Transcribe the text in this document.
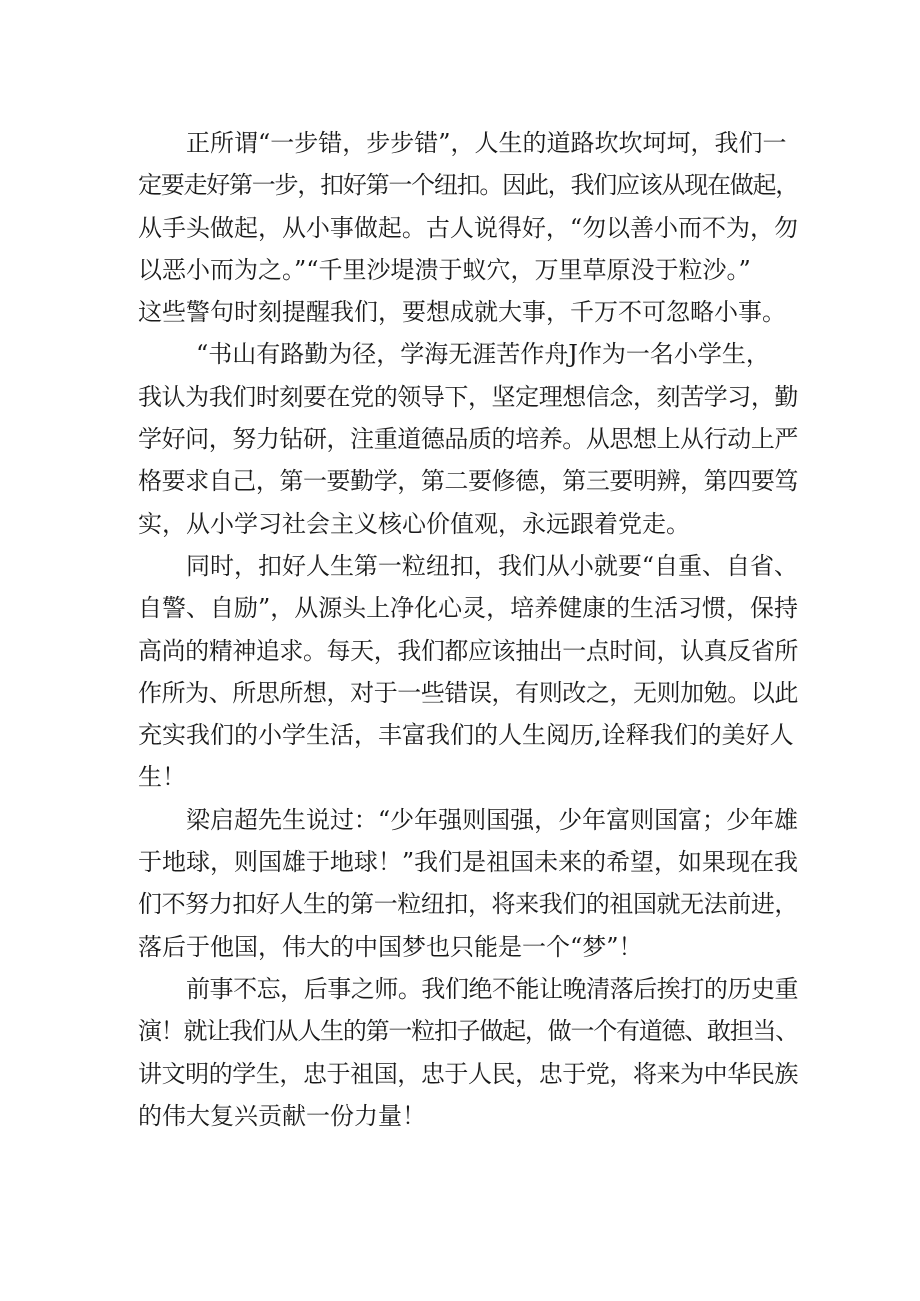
正所谓“一步错，步步错”，人生的道路坎坎坷坷，我们一
定要走好第一步，扣好第一个纽扣。因此，我们应该从现在做起，
从手头做起，从小事做起。古人说得好，“勿以善小而不为，勿
以恶小而为之。”“千里沙堤溃于蚁穴，万里草原没于粒沙。”
这些警句时刻提醒我们，要想成就大事，千万不可忽略小事。
“书山有路勤为径，学海无涯苦作舟J作为一名小学生，
我认为我们时刻要在党的领导下，坚定理想信念，刻苦学习，勤
学好问，努力钻研，注重道德品质的培养。从思想上从行动上严
格要求自己，第一要勤学，第二要修德，第三要明辨，第四要笃
实，从小学习社会主义核心价值观，永远跟着党走。
同时，扣好人生第一粒纽扣，我们从小就要“自重、自省、
自警、自励”，从源头上净化心灵，培养健康的生活习惯，保持
高尚的精神追求。每天，我们都应该抽出一点时间，认真反省所
作所为、所思所想，对于一些错误，有则改之，无则加勉。以此
充实我们的小学生活，丰富我们的人生阅历,诠释我们的美好人
生！
梁启超先生说过：“少年强则国强，少年富则国富；少年雄
于地球，则国雄于地球！”我们是祖国未来的希望，如果现在我
们不努力扣好人生的第一粒纽扣，将来我们的祖国就无法前进，
落后于他国，伟大的中国梦也只能是一个“梦”！
前事不忘，后事之师。我们绝不能让晚清落后挨打的历史重
演！就让我们从人生的第一粒扣子做起，做一个有道德、敢担当、
讲文明的学生，忠于祖国，忠于人民，忠于党，将来为中华民族
的伟大复兴贡献一份力量！
